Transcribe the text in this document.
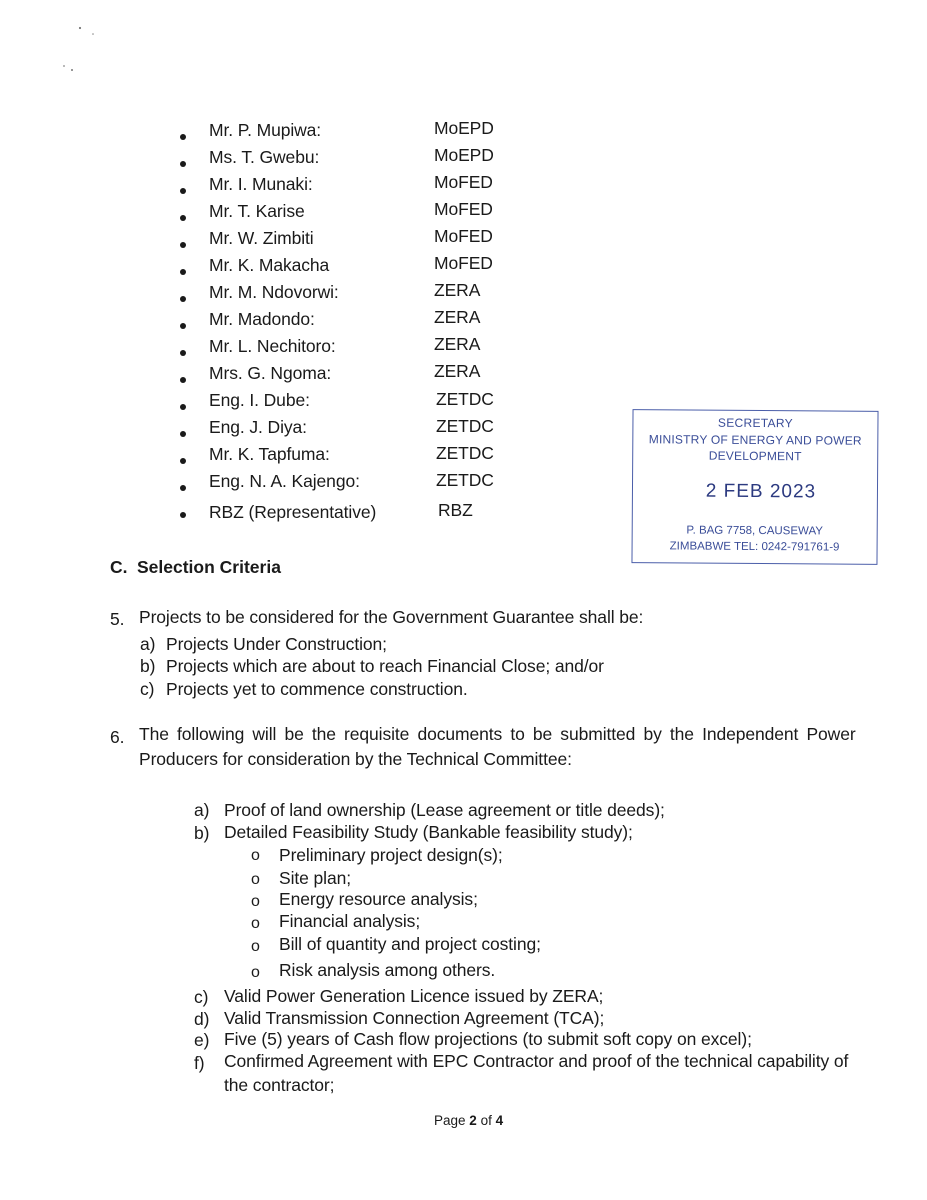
Mr. P. Mupiwa:	MoEPD
Ms. T. Gwebu:	MoEPD
Mr. I. Munaki:	MoFED
Mr. T. Karise	MoFED
Mr. W. Zimbiti	MoFED
Mr. K. Makacha	MoFED
Mr. M. Ndovorwi:	ZERA
Mr. Madondo:	ZERA
Mr. L. Nechitoro:	ZERA
Mrs. G. Ngoma:	ZERA
Eng. I. Dube:	ZETDC
Eng. J. Diya:	ZETDC
Mr. K. Tapfuma:	ZETDC
Eng. N. A. Kajengo:	ZETDC
RBZ (Representative)	RBZ
SECRETARY
MINISTRY OF ENERGY AND POWER
DEVELOPMENT
2 FEB 2023
P. BAG 7758, CAUSEWAY
ZIMBABWE TEL: 0242-791761-9
C. Selection Criteria
5. Projects to be considered for the Government Guarantee shall be:
a) Projects Under Construction;
b) Projects which are about to reach Financial Close; and/or
c) Projects yet to commence construction.
6. The following will be the requisite documents to be submitted by the Independent Power
Producers for consideration by the Technical Committee:
a) Proof of land ownership (Lease agreement or title deeds);
b) Detailed Feasibility Study (Bankable feasibility study);
o Preliminary project design(s);
o Site plan;
o Energy resource analysis;
o Financial analysis;
o Bill of quantity and project costing;
o Risk analysis among others.
c) Valid Power Generation Licence issued by ZERA;
d) Valid Transmission Connection Agreement (TCA);
e) Five (5) years of Cash flow projections (to submit soft copy on excel);
f) Confirmed Agreement with EPC Contractor and proof of the technical capability of
the contractor;
Page 2 of 4
